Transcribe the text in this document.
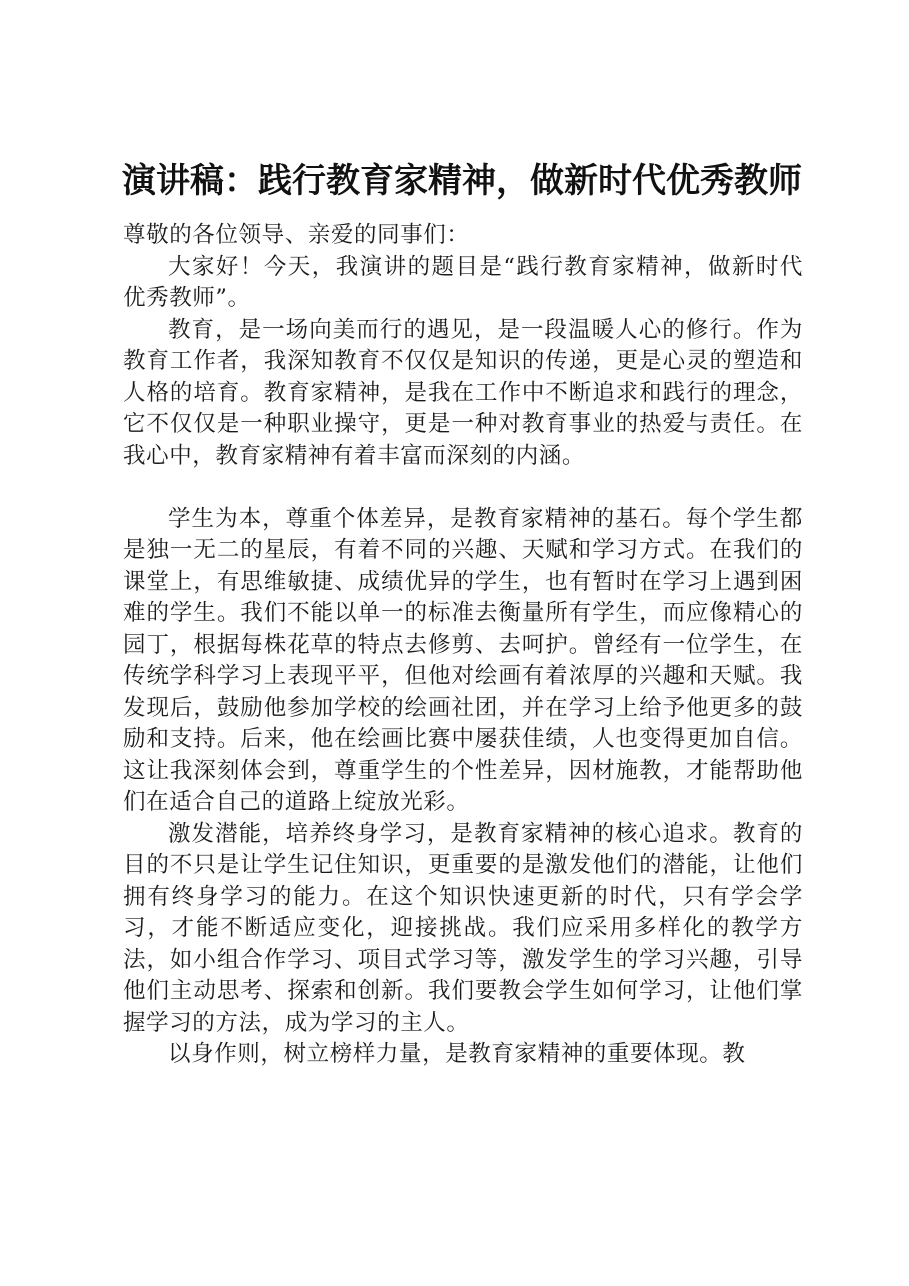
演讲稿：践行教育家精神，做新时代优秀教师

尊敬的各位领导、亲爱的同事们：

大家好！今天，我演讲的题目是“践行教育家精神，做新时代优秀教师”。

教育，是一场向美而行的遇见，是一段温暖人心的修行。作为教育工作者，我深知教育不仅仅是知识的传递，更是心灵的塑造和人格的培育。教育家精神，是我在工作中不断追求和践行的理念，它不仅仅是一种职业操守，更是一种对教育事业的热爱与责任。在我心中，教育家精神有着丰富而深刻的内涵。

学生为本，尊重个体差异，是教育家精神的基石。每个学生都是独一无二的星辰，有着不同的兴趣、天赋和学习方式。在我们的课堂上，有思维敏捷、成绩优异的学生，也有暂时在学习上遇到困难的学生。我们不能以单一的标准去衡量所有学生，而应像精心的园丁，根据每株花草的特点去修剪、去呵护。曾经有一位学生，在传统学科学习上表现平平，但他对绘画有着浓厚的兴趣和天赋。我发现后，鼓励他参加学校的绘画社团，并在学习上给予他更多的鼓励和支持。后来，他在绘画比赛中屡获佳绩，人也变得更加自信。这让我深刻体会到，尊重学生的个性差异，因材施教，才能帮助他们在适合自己的道路上绽放光彩。

激发潜能，培养终身学习，是教育家精神的核心追求。教育的目的不只是让学生记住知识，更重要的是激发他们的潜能，让他们拥有终身学习的能力。在这个知识快速更新的时代，只有学会学习，才能不断适应变化，迎接挑战。我们应采用多样化的教学方法，如小组合作学习、项目式学习等，激发学生的学习兴趣，引导他们主动思考、探索和创新。我们要教会学生如何学习，让他们掌握学习的方法，成为学习的主人。

以身作则，树立榜样力量，是教育家精神的重要体现。教
